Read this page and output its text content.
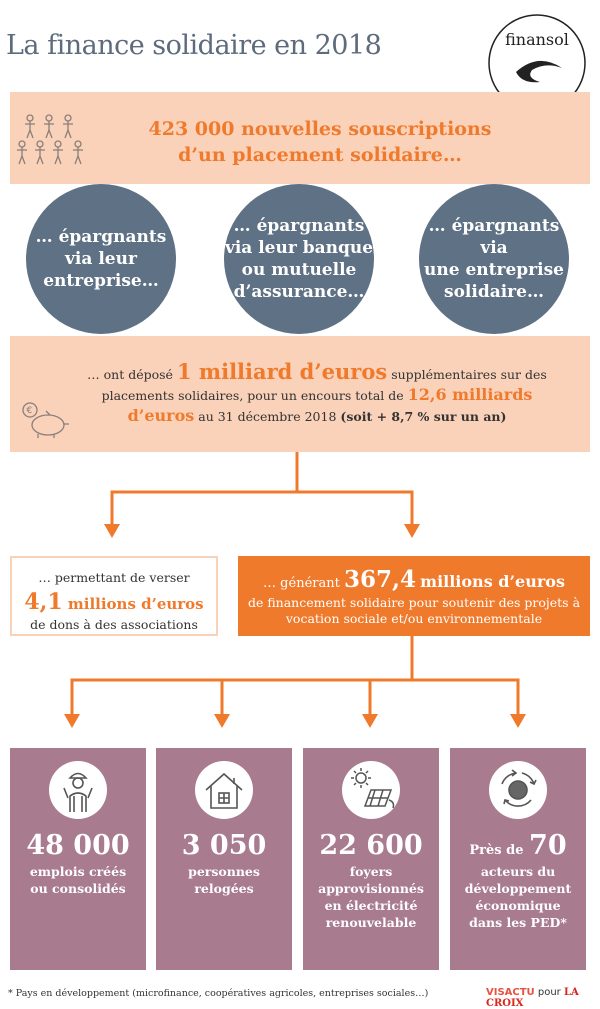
La finance solidaire en 2018	finansol
423 000 nouvelles souscriptions
d’un placement solidaire…
… épargnants
via leur
entreprise…
… épargnants
via leur banque
ou mutuelle
d’assurance…
… épargnants
via
une entreprise
solidaire…
€
… ont déposé 1 milliard d’euros supplémentaires sur des placements solidaires, pour un encours total de 12,6 milliards d’euros au 31 décembre 2018 (soit + 8,7 % sur un an)
… permettant de verser
4,1 millions d’euros
de dons à des associations
… générant 367,4 millions d’euros
de financement solidaire pour soutenir des projets à vocation sociale et/ou environnementale
48 000
emplois créés
ou consolidés
3 050
personnes
relogées
22 600
foyers
approvisionnés
en électricité
renouvelable
Près de 70
acteurs du
développement
économique
dans les PED*
* Pays en développement (microfinance, coopératives agricoles, entreprises sociales…)	VISACTU pour LA CROIX
